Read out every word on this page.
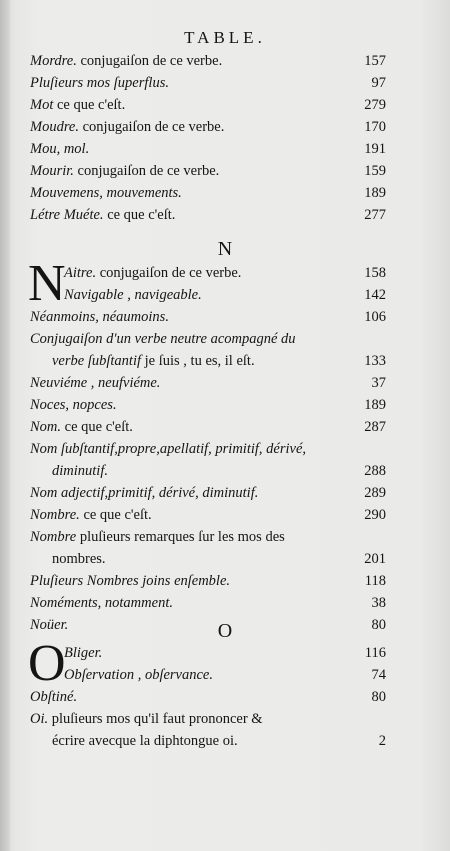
TABLE.
Mordre. conjugaiſon de ce verbe.	157
Pluſieurs mos ſuperflus.	97
Mot ce que c'eſt.	279
Moudre. conjugaiſon de ce verbe.	170
Mou, mol.	191
Mourir. conjugaiſon de ce verbe.	159
Mouvemens, mouvements.	189
Létre Muéte. ce que c'eſt.	277
N
N
Aitre. conjugaiſon de ce verbe.	158
Navigable , navigeable.	142
Néanmoins, néaumoins.	106
Conjugaiſon d'un verbe neutre acompagné du
verbe ſubſtantif je ſuis , tu es, il eſt.	133
Neuviéme , neufviéme.	37
Noces, nopces.	189
Nom. ce que c'eſt.	287
Nom ſubſtantif,propre,apellatif, primitif, dérivé,
diminutif.	288
Nom adjectif,primitif, dérivé, diminutif.	289
Nombre. ce que c'eſt.	290
Nombre pluſieurs remarques ſur les mos des
nombres.	201
Pluſieurs Nombres joins enſemble.	118
Noméments, notamment.	38
Noüer.	80
O
O
Bliger.	116
Obſervation , obſervance.	74
Obſtiné.	80
Oi. pluſieurs mos qu'il faut prononcer &
écrire avecque la diphtongue oi.	2
